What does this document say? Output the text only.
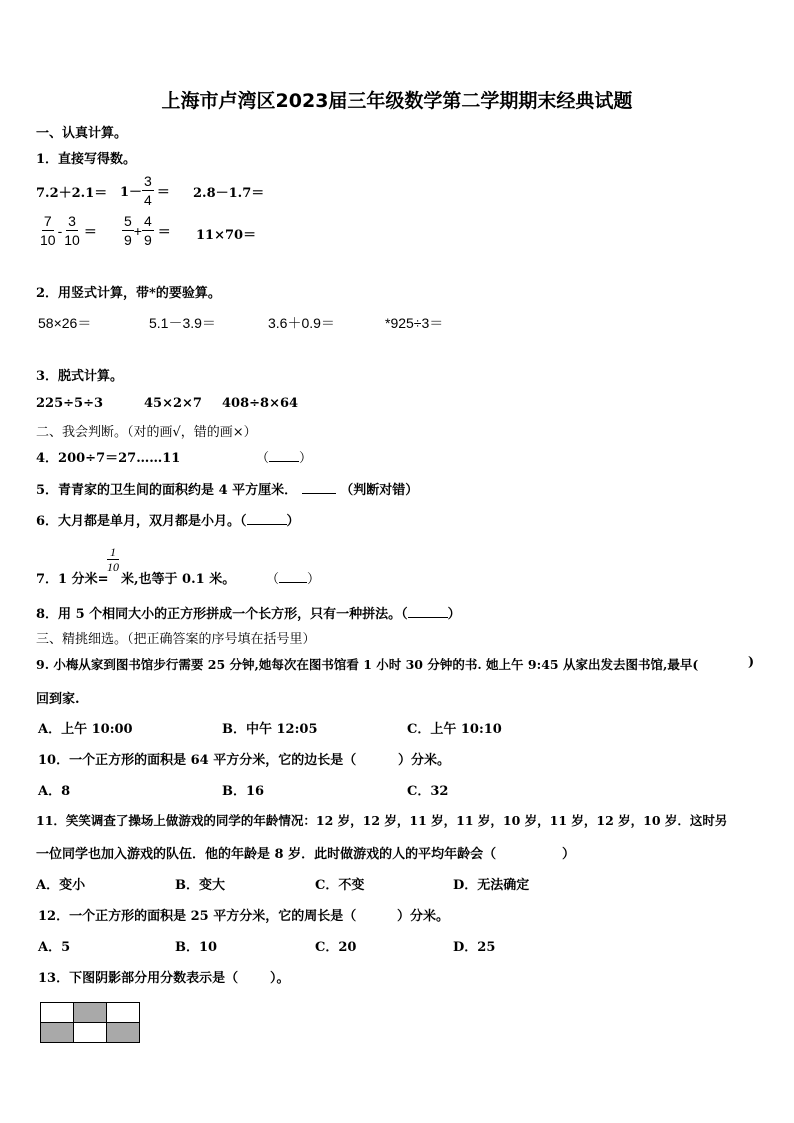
上海市卢湾区2023届三年级数学第二学期期末经典试题
一、认真计算。
1．直接写得数。
$7.2+2.1= 1- \frac{3}{4} = 2.8-1.7=$
$\frac{7}{10} - \frac{3}{10} = \frac{5}{9} + \frac{4}{9} = 11\times 70=$
2．用竖式计算，带*的要验算。
58×26＝	5.1－3.9＝	3.6＋0.9＝	*925÷3＝
3．脱式计算。
225÷5÷3	45×2×7 408÷8×64
二、我会判断。（对的画√，错的画×）
4．200÷7＝27……11	（ ）
5．青青家的卫生间的面积约是 4 平方厘米．	（判断对错）
6．大月都是单月，双月都是小月。（	）
7．1 分米=
$\frac{1}{10}$
米,也等于 0.1 米。 （ ）
8．用 5 个相同大小的正方形拼成一个长方形，只有一种拼法。（	）
三、精挑细选。（把正确答案的序号填在括号里）
9. 小梅从家到图书馆步行需要 25 分钟,她每次在图书馆看 1 小时 30 分钟的书. 她上午 9:45 从家出发去图书馆,最早(	)
回到家.
A．上午 10:00	B．中午 12:05	C．上午 10:10
10．一个正方形的面积是 64 平方分米，它的边长是（	）分米。
A．8	B．16	C．32
11．笑笑调查了操场上做游戏的同学的年龄情况：12 岁，12 岁，11 岁，11 岁，10 岁，11 岁，12 岁，10 岁．这时另
一位同学也加入游戏的队伍．他的年龄是 8 岁．此时做游戏的人的平均年龄会（	）
A．变小	B．变大	C．不变	D．无法确定
12．一个正方形的面积是 25 平方分米，它的周长是（	）分米。
A．5	B．10	C．20	D．25
13．下图阴影部分用分数表示是（ ）。
